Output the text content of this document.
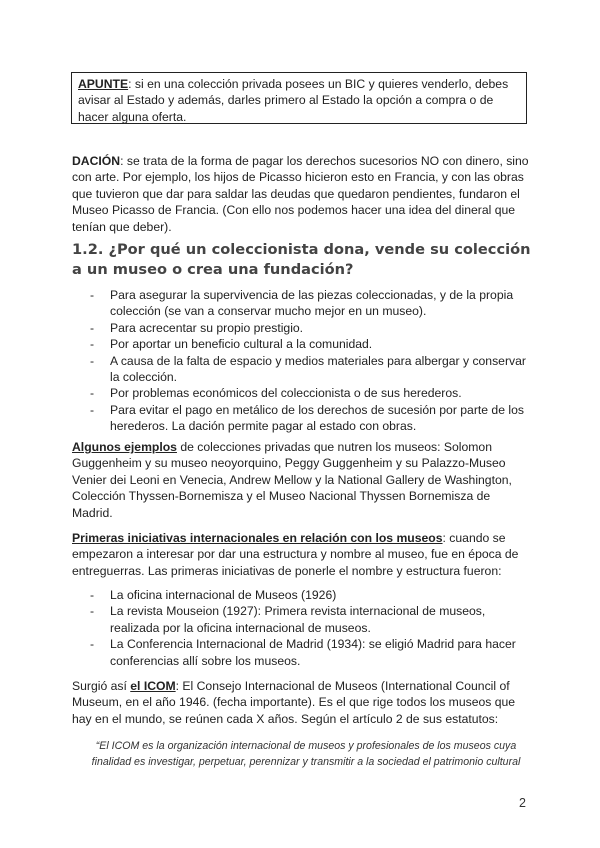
APUNTE: si en una colección privada posees un BIC y quieres venderlo, debes avisar al Estado y además, darles primero al Estado la opción a compra o de hacer alguna oferta.

DACIÓN: se trata de la forma de pagar los derechos sucesorios NO con dinero, sino con arte. Por ejemplo, los hijos de Picasso hicieron esto en Francia, y con las obras que tuvieron que dar para saldar las deudas que quedaron pendientes, fundaron el Museo Picasso de Francia. (Con ello nos podemos hacer una idea del dineral que tenían que deber).

1.2. ¿Por qué un coleccionista dona, vende su colección a un museo o crea una fundación?
- Para asegurar la supervivencia de las piezas coleccionadas, y de la propia colección (se van a conservar mucho mejor en un museo).
- Para acrecentar su propio prestigio.
- Por aportar un beneficio cultural a la comunidad.
- A causa de la falta de espacio y medios materiales para albergar y conservar la colección.
- Por problemas económicos del coleccionista o de sus herederos.
- Para evitar el pago en metálico de los derechos de sucesión por parte de los herederos. La dación permite pagar al estado con obras.

Algunos ejemplos de colecciones privadas que nutren los museos: Solomon Guggenheim y su museo neoyorquino, Peggy Guggenheim y su Palazzo-Museo Venier dei Leoni en Venecia, Andrew Mellow y la National Gallery de Washington, Colección Thyssen-Bornemisza y el Museo Nacional Thyssen Bornemisza de Madrid.

Primeras iniciativas internacionales en relación con los museos: cuando se empezaron a interesar por dar una estructura y nombre al museo, fue en época de entreguerras. Las primeras iniciativas de ponerle el nombre y estructura fueron:

- La oficina internacional de Museos (1926)
- La revista Mouseion (1927): Primera revista internacional de museos, realizada por la oficina internacional de museos.
- La Conferencia Internacional de Madrid (1934): se eligió Madrid para hacer conferencias allí sobre los museos.

Surgió así el ICOM: El Consejo Internacional de Museos (International Council of Museum, en el año 1946. (fecha importante). Es el que rige todos los museos que hay en el mundo, se reúnen cada X años. Según el artículo 2 de sus estatutos:

“El ICOM es la organización internacional de museos y profesionales de los museos cuya finalidad es investigar, perpetuar, perennizar y transmitir a la sociedad el patrimonio cultural

2
